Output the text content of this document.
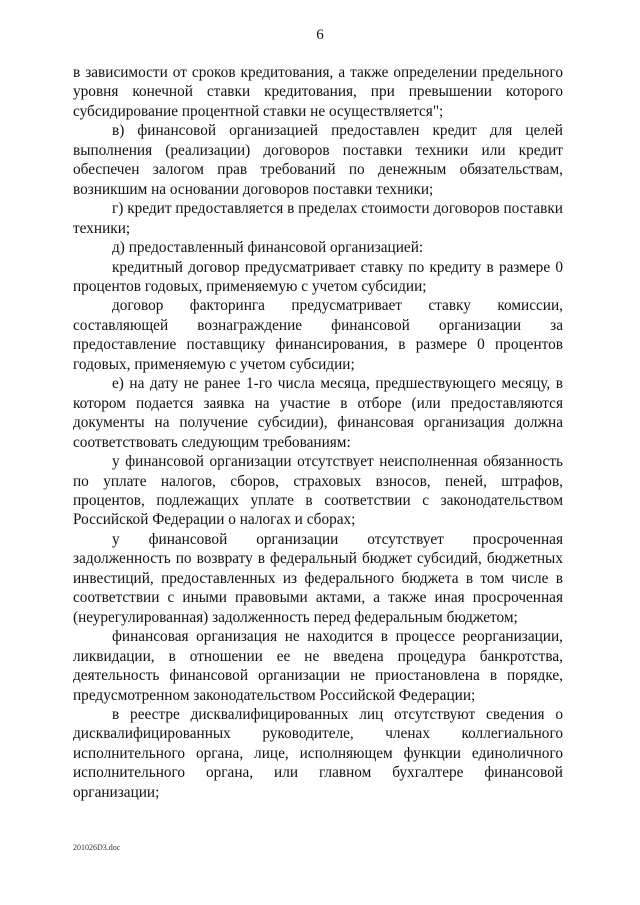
6

в зависимости от сроков кредитования, а также определении предельного уровня конечной ставки кредитования, при превышении которого субсидирование процентной ставки не осуществляется";

в) финансовой организацией предоставлен кредит для целей выполнения (реализации) договоров поставки техники или кредит обеспечен залогом прав требований по денежным обязательствам, возникшим на основании договоров поставки техники;

г) кредит предоставляется в пределах стоимости договоров поставки техники;

д) предоставленный финансовой организацией:

кредитный договор предусматривает ставку по кредиту в размере 0 процентов годовых, применяемую с учетом субсидии;

договор факторинга предусматривает ставку комиссии, составляющей вознаграждение финансовой организации за предоставление поставщику финансирования, в размере 0 процентов годовых, применяемую с учетом субсидии;

е) на дату не ранее 1-го числа месяца, предшествующего месяцу, в котором подается заявка на участие в отборе (или предоставляются документы на получение субсидии), финансовая организация должна соответствовать следующим требованиям:

у финансовой организации отсутствует неисполненная обязанность по уплате налогов, сборов, страховых взносов, пеней, штрафов, процентов, подлежащих уплате в соответствии с законодательством Российской Федерации о налогах и сборах;

у финансовой организации отсутствует просроченная задолженность по возврату в федеральный бюджет субсидий, бюджетных инвестиций, предоставленных из федерального бюджета в том числе в соответствии с иными правовыми актами, а также иная просроченная (неурегулированная) задолженность перед федеральным бюджетом;

финансовая организация не находится в процессе реорганизации, ликвидации, в отношении ее не введена процедура банкротства, деятельность финансовой организации не приостановлена в порядке, предусмотренном законодательством Российской Федерации;

в реестре дисквалифицированных лиц отсутствуют сведения о дисквалифицированных руководителе, членах коллегиального исполнительного органа, лице, исполняющем функции единоличного исполнительного органа, или главном бухгалтере финансовой организации;

201026D3.doc
